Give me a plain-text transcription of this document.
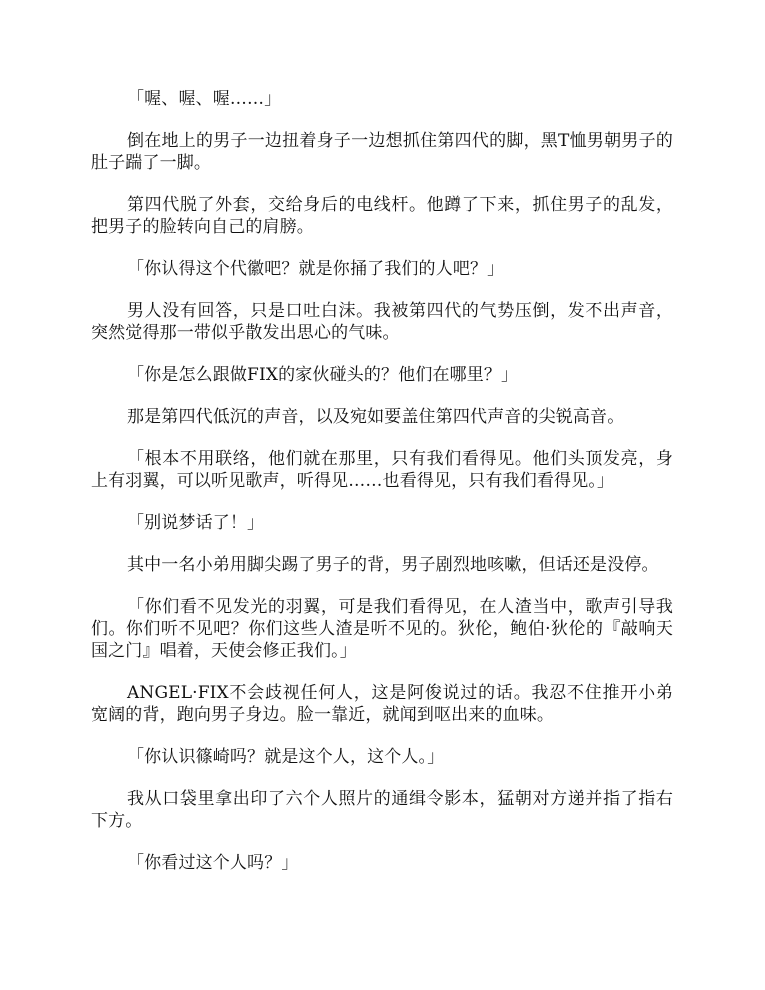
「喔、喔、喔……」

倒在地上的男子一边扭着身子一边想抓住第四代的脚，黑T恤男朝男子的肚子踹了一脚。

第四代脱了外套，交给身后的电线杆。他蹲了下来，抓住男子的乱发，把男子的脸转向自己的肩膀。

「你认得这个代徽吧？就是你捅了我们的人吧？」

男人没有回答，只是口吐白沫。我被第四代的气势压倒，发不出声音，突然觉得那一带似乎散发出思心的气味。

「你是怎么跟做FIX的家伙碰头的？他们在哪里？」

那是第四代低沉的声音，以及宛如要盖住第四代声音的尖锐高音。

「根本不用联络，他们就在那里，只有我们看得见。他们头顶发亮，身上有羽翼，可以听见歌声，听得见……也看得见，只有我们看得见。」

「别说梦话了！」

其中一名小弟用脚尖踢了男子的背，男子剧烈地咳嗽，但话还是没停。

「你们看不见发光的羽翼，可是我们看得见，在人渣当中，歌声引导我们。你们听不见吧？你们这些人渣是听不见的。狄伦，鲍伯·狄伦的『敲响天国之门』唱着，天使会修正我们。」

ANGEL·FIX不会歧视任何人，这是阿俊说过的话。我忍不住推开小弟宽阔的背，跑向男子身边。脸一靠近，就闻到呕出来的血味。

「你认识篠崎吗？就是这个人，这个人。」

我从口袋里拿出印了六个人照片的通缉令影本，猛朝对方递并指了指右下方。

「你看过这个人吗？」
